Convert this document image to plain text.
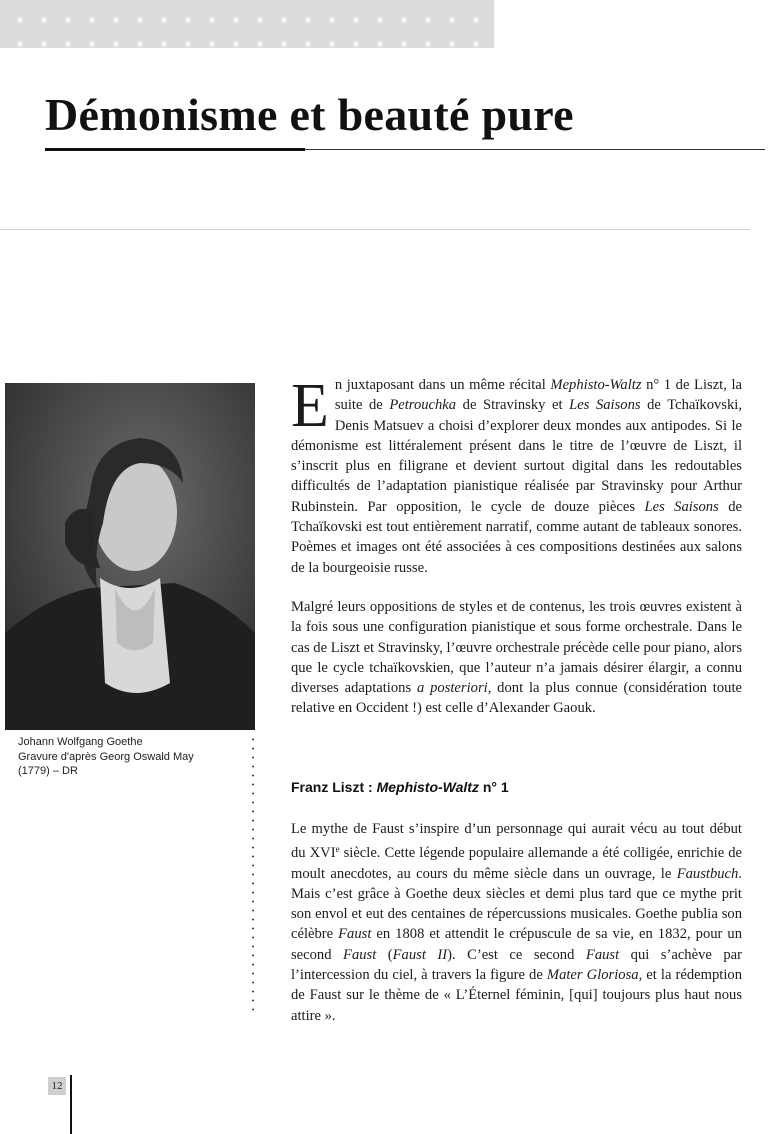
Démonisme et beauté pure
Johann Wolfgang Goethe
Gravure d'après Georg Oswald May
(1779) – DR

En juxtaposant dans un même récital Mephisto-Waltz n° 1 de Liszt, la suite de Petrouchka de Stravinsky et Les Saisons de Tchaïkovski, Denis Matsuev a choisi d’explorer deux mondes aux antipodes. Si le démonisme est littéralement présent dans le titre de l’œuvre de Liszt, il s’inscrit plus en filigrane et devient surtout digital dans les redoutables difficultés de l’adaptation pianistique réalisée par Stravinsky pour Arthur Rubinstein. Par opposition, le cycle de douze pièces Les Saisons de Tchaïkovski est tout entièrement narratif, comme autant de tableaux sonores. Poèmes et images ont été associées à ces compositions destinées aux salons de la bourgeoisie russe.

Malgré leurs oppositions de styles et de contenus, les trois œuvres existent à la fois sous une configuration pianistique et sous forme orchestrale. Dans le cas de Liszt et Stravinsky, l’œuvre orchestrale précède celle pour piano, alors que le cycle tchaïkovskien, que l’auteur n’a jamais désirer élargir, a connu diverses adaptations a posteriori, dont la plus connue (considération toute relative en Occident !) est celle d’Alexander Gaouk.

Franz Liszt : Mephisto-Waltz n° 1

Le mythe de Faust s’inspire d’un personnage qui aurait vécu au tout début du XVIe siècle. Cette légende populaire allemande a été colligée, enrichie de moult anecdotes, au cours du même siècle dans un ouvrage, le Faustbuch. Mais c’est grâce à Goethe deux siècles et demi plus tard que ce mythe prit son envol et eut des centaines de répercussions musicales. Goethe publia son célèbre Faust en 1808 et attendit le crépuscule de sa vie, en 1832, pour un second Faust (Faust II). C’est ce second Faust qui s’achève par l’intercession du ciel, à travers la figure de Mater Gloriosa, et la rédemption de Faust sur le thème de « L’Éternel féminin, [qui] toujours plus haut nous attire ».

12
